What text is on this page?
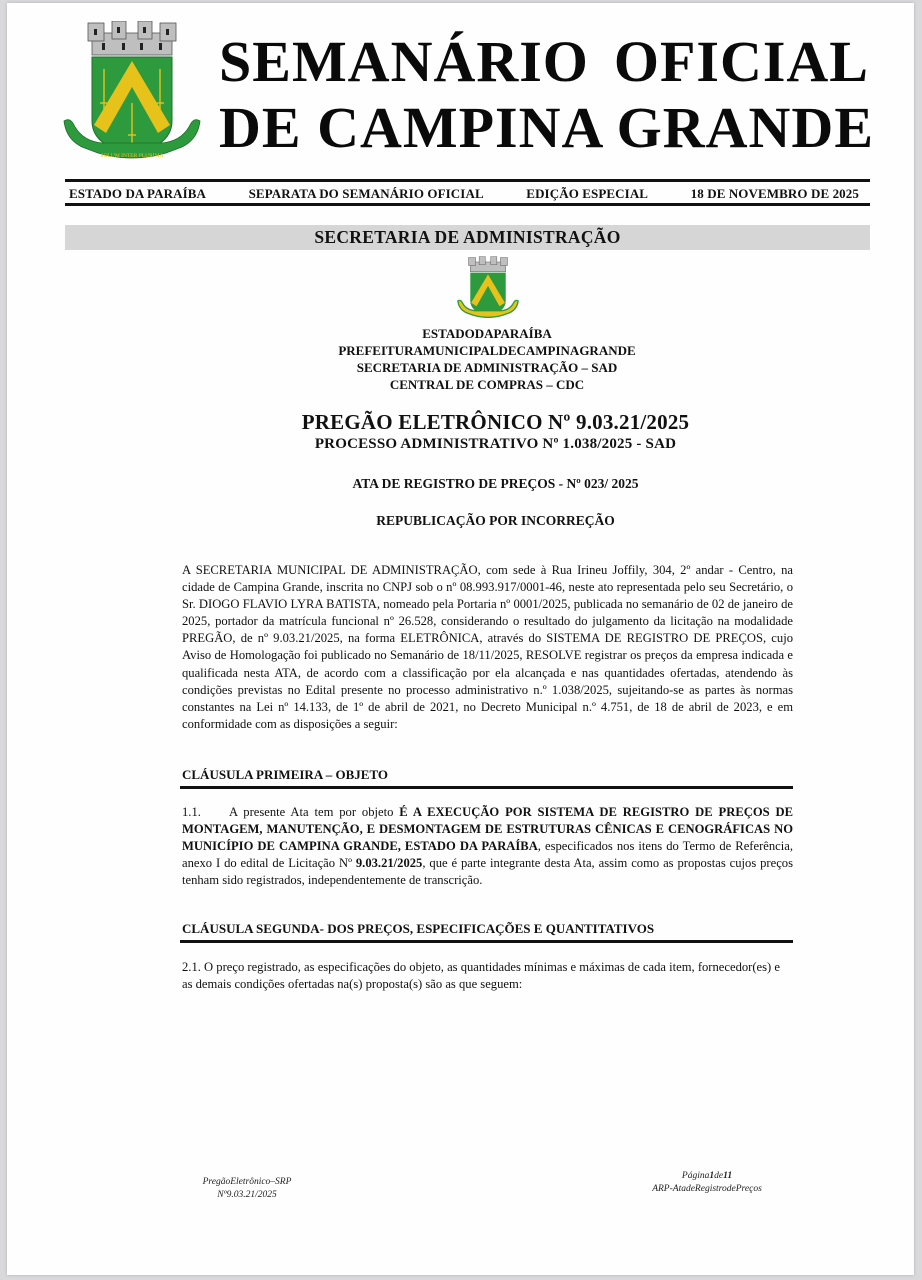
SOLUM INTER PLURIMA
SEMANÁRIO OFICIAL
DE CAMPINA GRANDE
ESTADO DA PARAÍBA	SEPARATA DO SEMANÁRIO OFICIAL	EDIÇÃO ESPECIAL	18 DE NOVEMBRO DE 2025
SECRETARIA DE ADMINISTRAÇÃO
ESTADODAPARAÍBA
PREFEITURAMUNICIPALDECAMPINAGRANDE
SECRETARIA DE ADMINISTRAÇÃO – SAD
CENTRAL DE COMPRAS – CDC
PREGÃO ELETRÔNICO Nº 9.03.21/2025
PROCESSO ADMINISTRATIVO Nº 1.038/2025 - SAD
ATA DE REGISTRO DE PREÇOS - Nº 023/ 2025
REPUBLICAÇÃO POR INCORREÇÃO
A SECRETARIA MUNICIPAL DE ADMINISTRAÇÃO, com sede à Rua Irineu Joffily, 304, 2º andar - Centro, na cidade de Campina Grande, inscrita no CNPJ sob o nº 08.993.917/0001-46, neste ato representada pelo seu Secretário, o Sr. DIOGO FLAVIO LYRA BATISTA, nomeado pela Portaria nº 0001/2025, publicada no semanário de 02 de janeiro de 2025, portador da matrícula funcional nº 26.528, considerando o resultado do julgamento da licitação na modalidade PREGÃO, de nº 9.03.21/2025, na forma ELETRÔNICA, através do SISTEMA DE REGISTRO DE PREÇOS, cujo Aviso de Homologação foi publicado no Semanário de 18/11/2025, RESOLVE registrar os preços da empresa indicada e qualificada nesta ATA, de acordo com a classificação por ela alcançada e nas quantidades ofertadas, atendendo às condições previstas no Edital presente no processo administrativo n.º 1.038/2025, sujeitando-se as partes às normas constantes na Lei nº 14.133, de 1º de abril de 2021, no Decreto Municipal n.º 4.751, de 18 de abril de 2023, e em conformidade com as disposições a seguir:
CLÁUSULA PRIMEIRA – OBJETO
1.1. A presente Ata tem por objeto É A EXECUÇÃO POR SISTEMA DE REGISTRO DE PREÇOS DE MONTAGEM, MANUTENÇÃO, E DESMONTAGEM DE ESTRUTURAS CÊNICAS E CENOGRÁFICAS NO MUNICÍPIO DE CAMPINA GRANDE, ESTADO DA PARAÍBA, especificados nos itens do Termo de Referência, anexo I do edital de Licitação Nº 9.03.21/2025, que é parte integrante desta Ata, assim como as propostas cujos preços tenham sido registrados, independentemente de transcrição.
CLÁUSULA SEGUNDA- DOS PREÇOS, ESPECIFICAÇÕES E QUANTITATIVOS
2.1. O preço registrado, as especificações do objeto, as quantidades mínimas e máximas de cada item, fornecedor(es) e as demais condições ofertadas na(s) proposta(s) são as que seguem:
PregãoEletrônico–SRP
Nº9.03.21/2025
Página1de11
ARP-AtadeRegistrodePreços
